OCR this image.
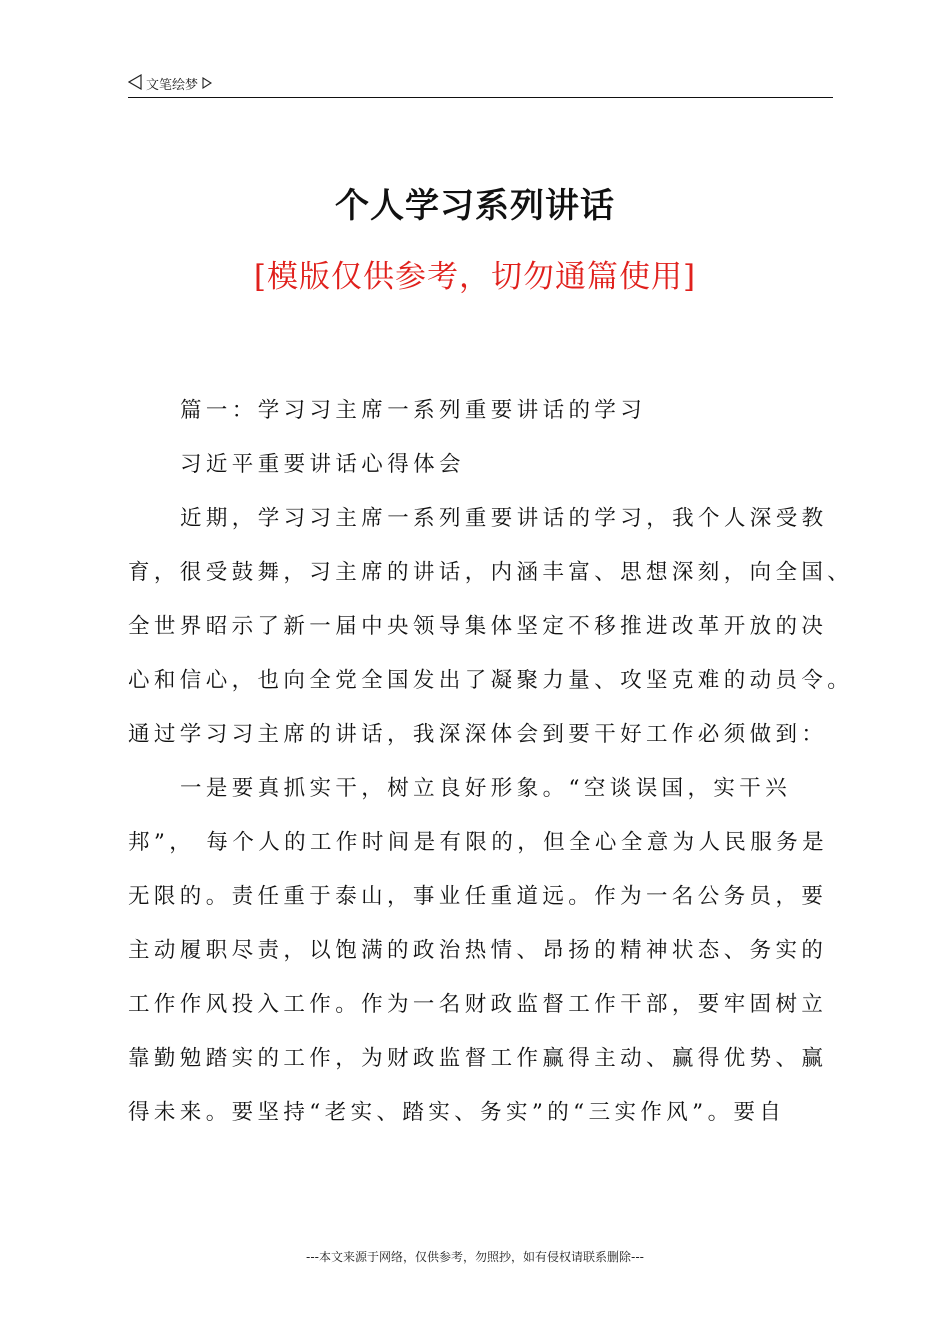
文笔绘梦
个人学习系列讲话
[模版仅供参考，切勿通篇使用]
篇一：学习习主席一系列重要讲话的学习
习近平重要讲话心得体会
近期，学习习主席一系列重要讲话的学习，我个人深受教
育，很受鼓舞，习主席的讲话，内涵丰富、思想深刻，向全国、
全世界昭示了新一届中央领导集体坚定不移推进改革开放的决
心和信心，也向全党全国发出了凝聚力量、攻坚克难的动员令。
通过学习习主席的讲话，我深深体会到要干好工作必须做到：
一是要真抓实干，树立良好形象。“空谈误国，实干兴
邦”， 每个人的工作时间是有限的，但全心全意为人民服务是
无限的。责任重于泰山，事业任重道远。作为一名公务员，要
主动履职尽责，以饱满的政治热情、昂扬的精神状态、务实的
工作作风投入工作。作为一名财政监督工作干部，要牢固树立
靠勤勉踏实的工作，为财政监督工作赢得主动、赢得优势、赢
得未来。要坚持“老实、踏实、务实”的“三实作风”。要自
---本文来源于网络，仅供参考，勿照抄，如有侵权请联系删除---
